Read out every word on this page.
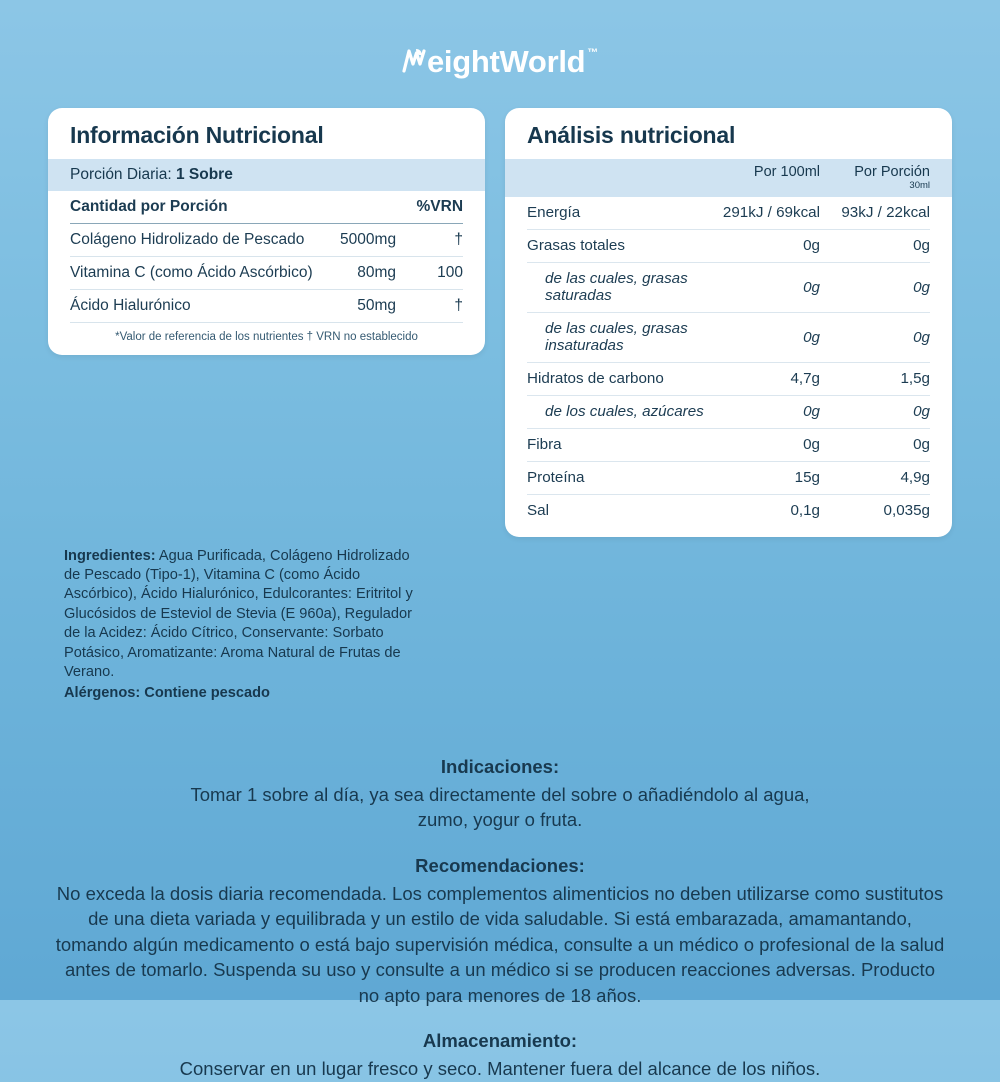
eightWorld ™
Información Nutricional
Porción Diaria: 1 Sobre
Cantidad por Porción		%VRN
Colágeno Hidrolizado de Pescado	5000mg	†
Vitamina C (como Ácido Ascórbico)	80mg	100
Ácido Hialurónico	50mg	†
*Valor de referencia de los nutrientes † VRN no establecido
Análisis nutricional
Por 100ml	Por Porción
30ml
Energía	291kJ / 69kcal	93kJ / 22kcal
Grasas totales	0g	0g
de las cuales, grasas saturadas	0g	0g
de las cuales, grasas insaturadas	0g	0g
Hidratos de carbono	4,7g	1,5g
de los cuales, azúcares	0g	0g
Fibra	0g	0g
Proteína	15g	4,9g
Sal	0,1g	0,035g
Ingredientes: Agua Purificada, Colágeno Hidrolizado de Pescado (Tipo-1), Vitamina C (como Ácido Ascórbico), Ácido Hialurónico, Edulcorantes: Eritritol y Glucósidos de Esteviol de Stevia (E 960a), Regulador de la Acidez: Ácido Cítrico, Conservante: Sorbato Potásico, Aromatizante: Aroma Natural de Frutas de Verano.
Alérgenos: Contiene pescado
Indicaciones:
Tomar 1 sobre al día, ya sea directamente del sobre o añadiéndolo al agua, zumo, yogur o fruta.
Recomendaciones:
No exceda la dosis diaria recomendada. Los complementos alimenticios no deben utilizarse como sustitutos de una dieta variada y equilibrada y un estilo de vida saludable. Si está embarazada, amamantando, tomando algún medicamento o está bajo supervisión médica, consulte a un médico o profesional de la salud antes de tomarlo. Suspenda su uso y consulte a un médico si se producen reacciones adversas. Producto no apto para menores de 18 años.
Almacenamiento:
Conservar en un lugar fresco y seco. Mantener fuera del alcance de los niños.
